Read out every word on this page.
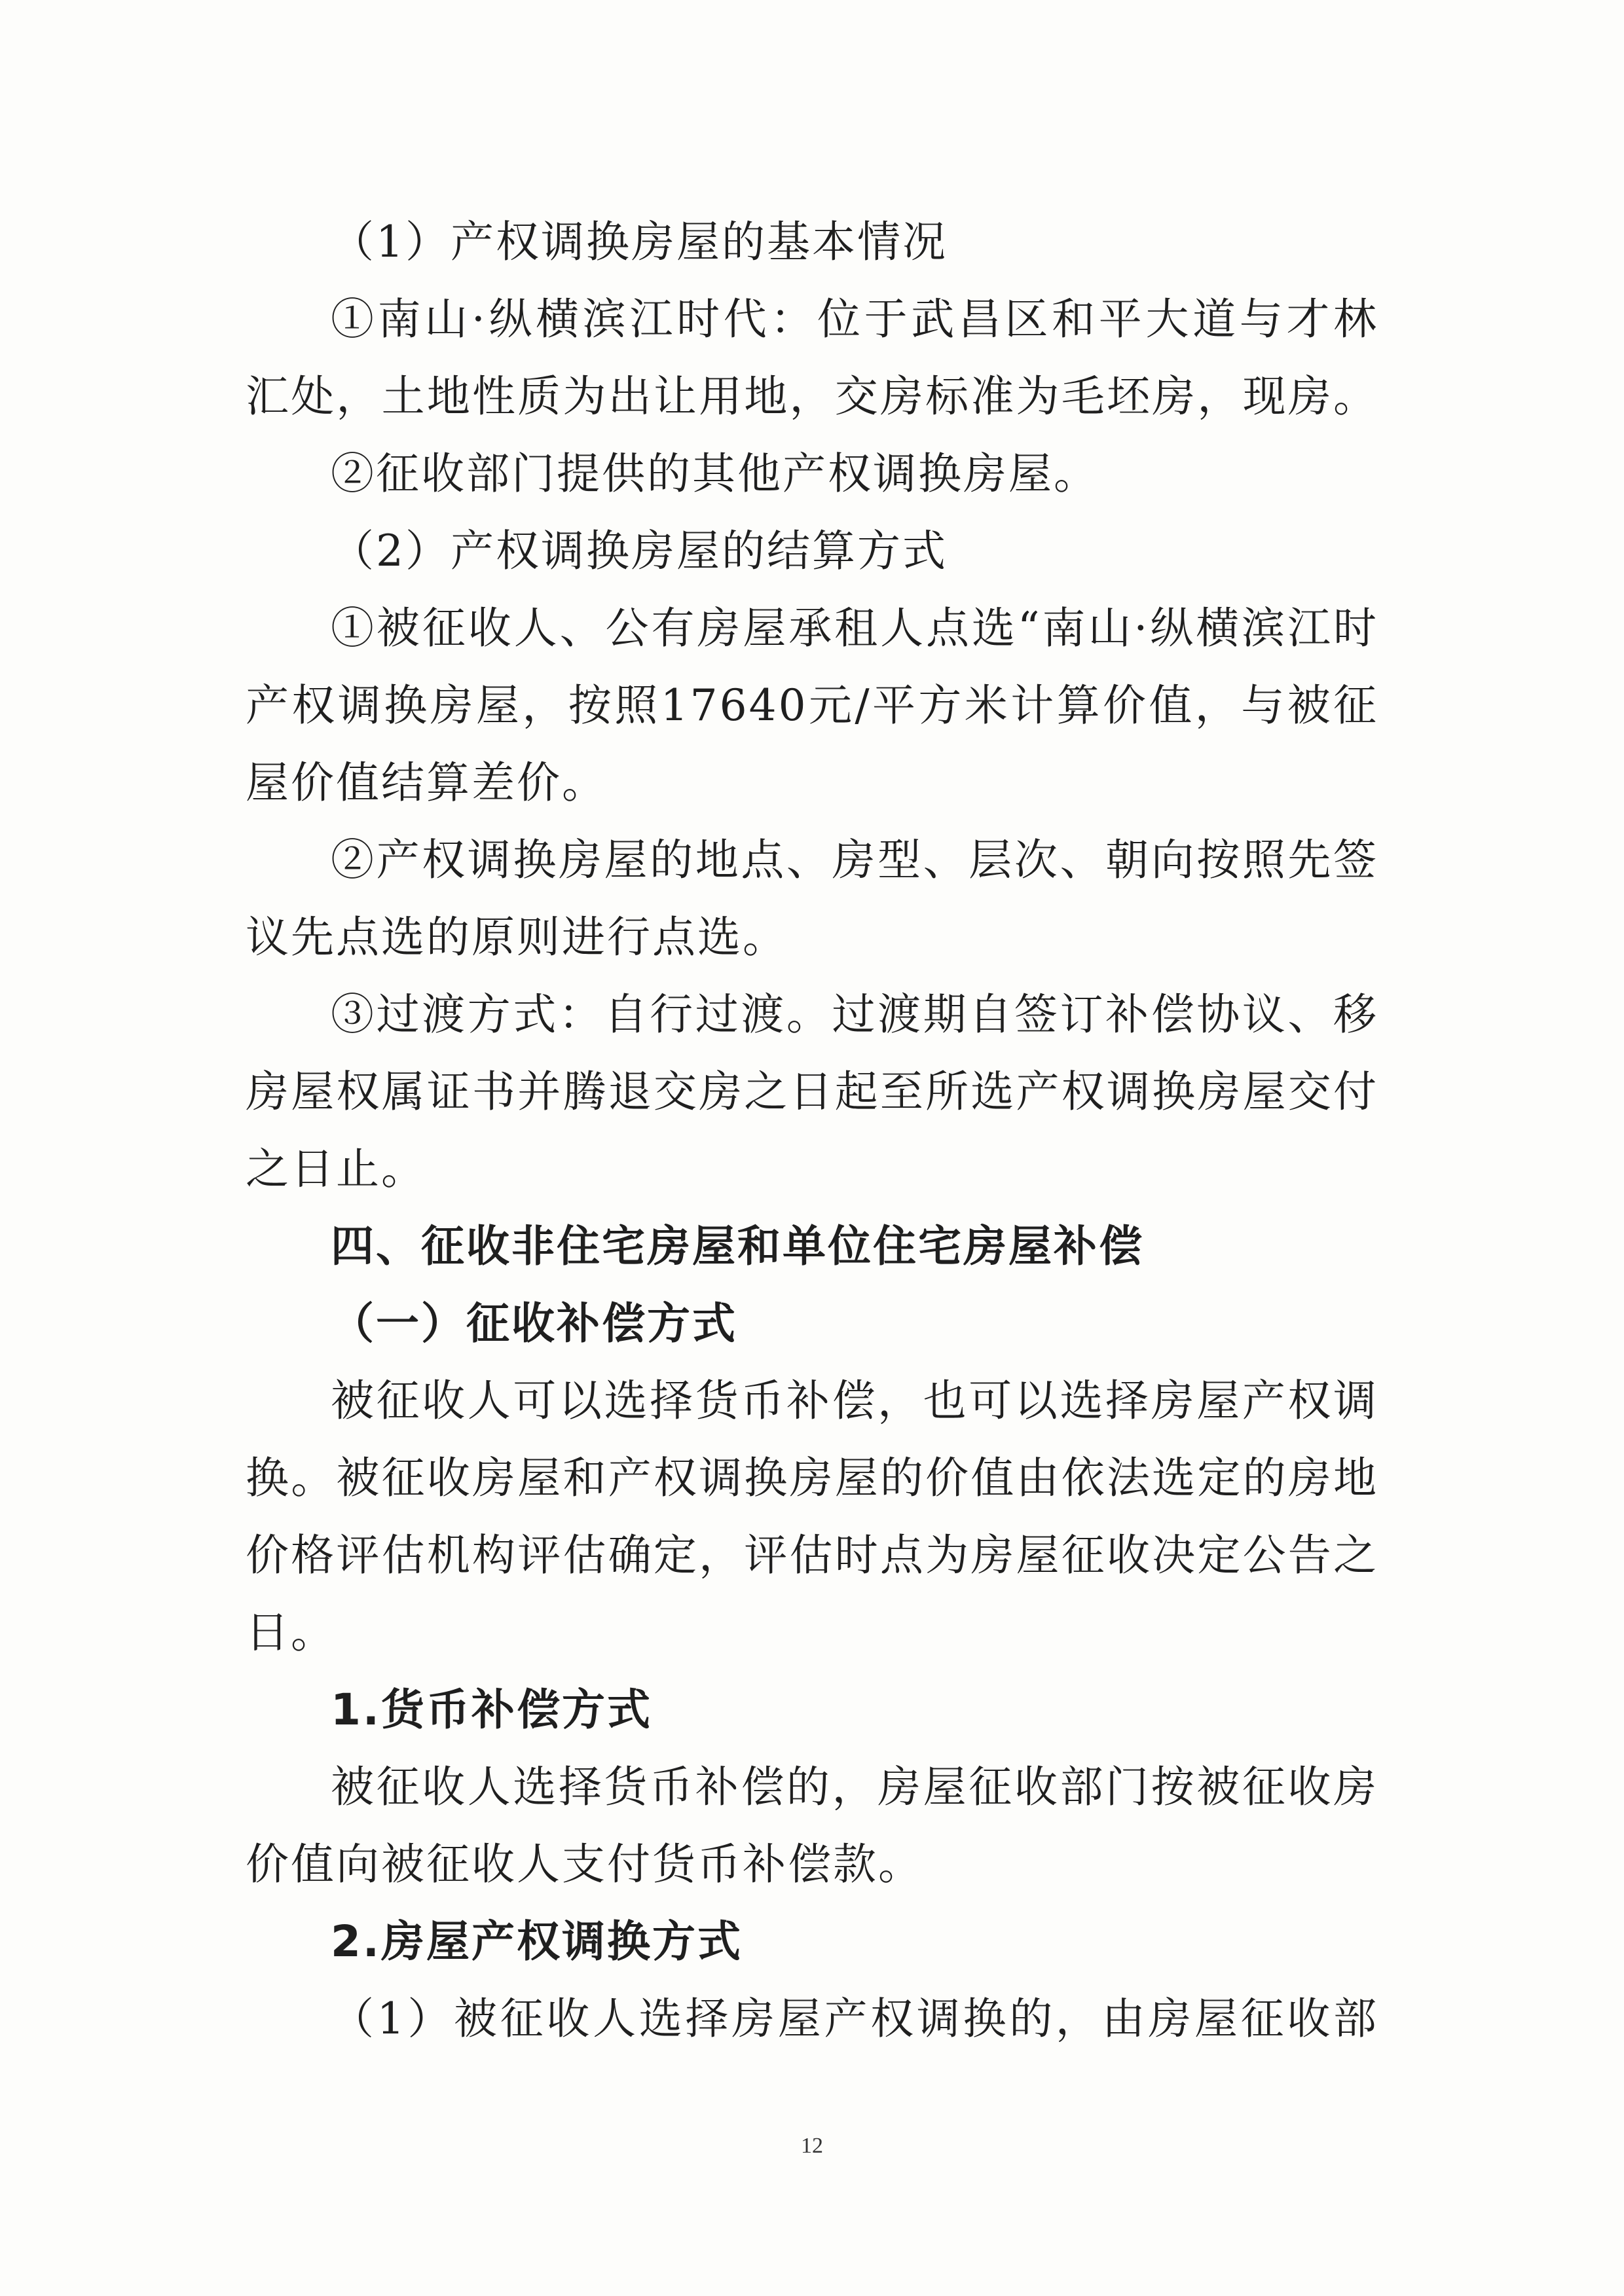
（1）产权调换房屋的基本情况
①南山·纵横滨江时代：位于武昌区和平大道与才林
汇处，土地性质为出让用地，交房标准为毛坯房，现房。
②征收部门提供的其他产权调换房屋。
（2）产权调换房屋的结算方式
①被征收人、公有房屋承租人点选“南山·纵横滨江时
产权调换房屋，按照17640元/平方米计算价值，与被征
屋价值结算差价。
②产权调换房屋的地点、房型、层次、朝向按照先签
议先点选的原则进行点选。
③过渡方式：自行过渡。过渡期自签订补偿协议、移
房屋权属证书并腾退交房之日起至所选产权调换房屋交付
之日止。
四、征收非住宅房屋和单位住宅房屋补偿
（一）征收补偿方式
被征收人可以选择货币补偿，也可以选择房屋产权调
换。被征收房屋和产权调换房屋的价值由依法选定的房地
价格评估机构评估确定，评估时点为房屋征收决定公告之
日。
1.货币补偿方式
被征收人选择货币补偿的，房屋征收部门按被征收房
价值向被征收人支付货币补偿款。
2.房屋产权调换方式
（1）被征收人选择房屋产权调换的，由房屋征收部
12
